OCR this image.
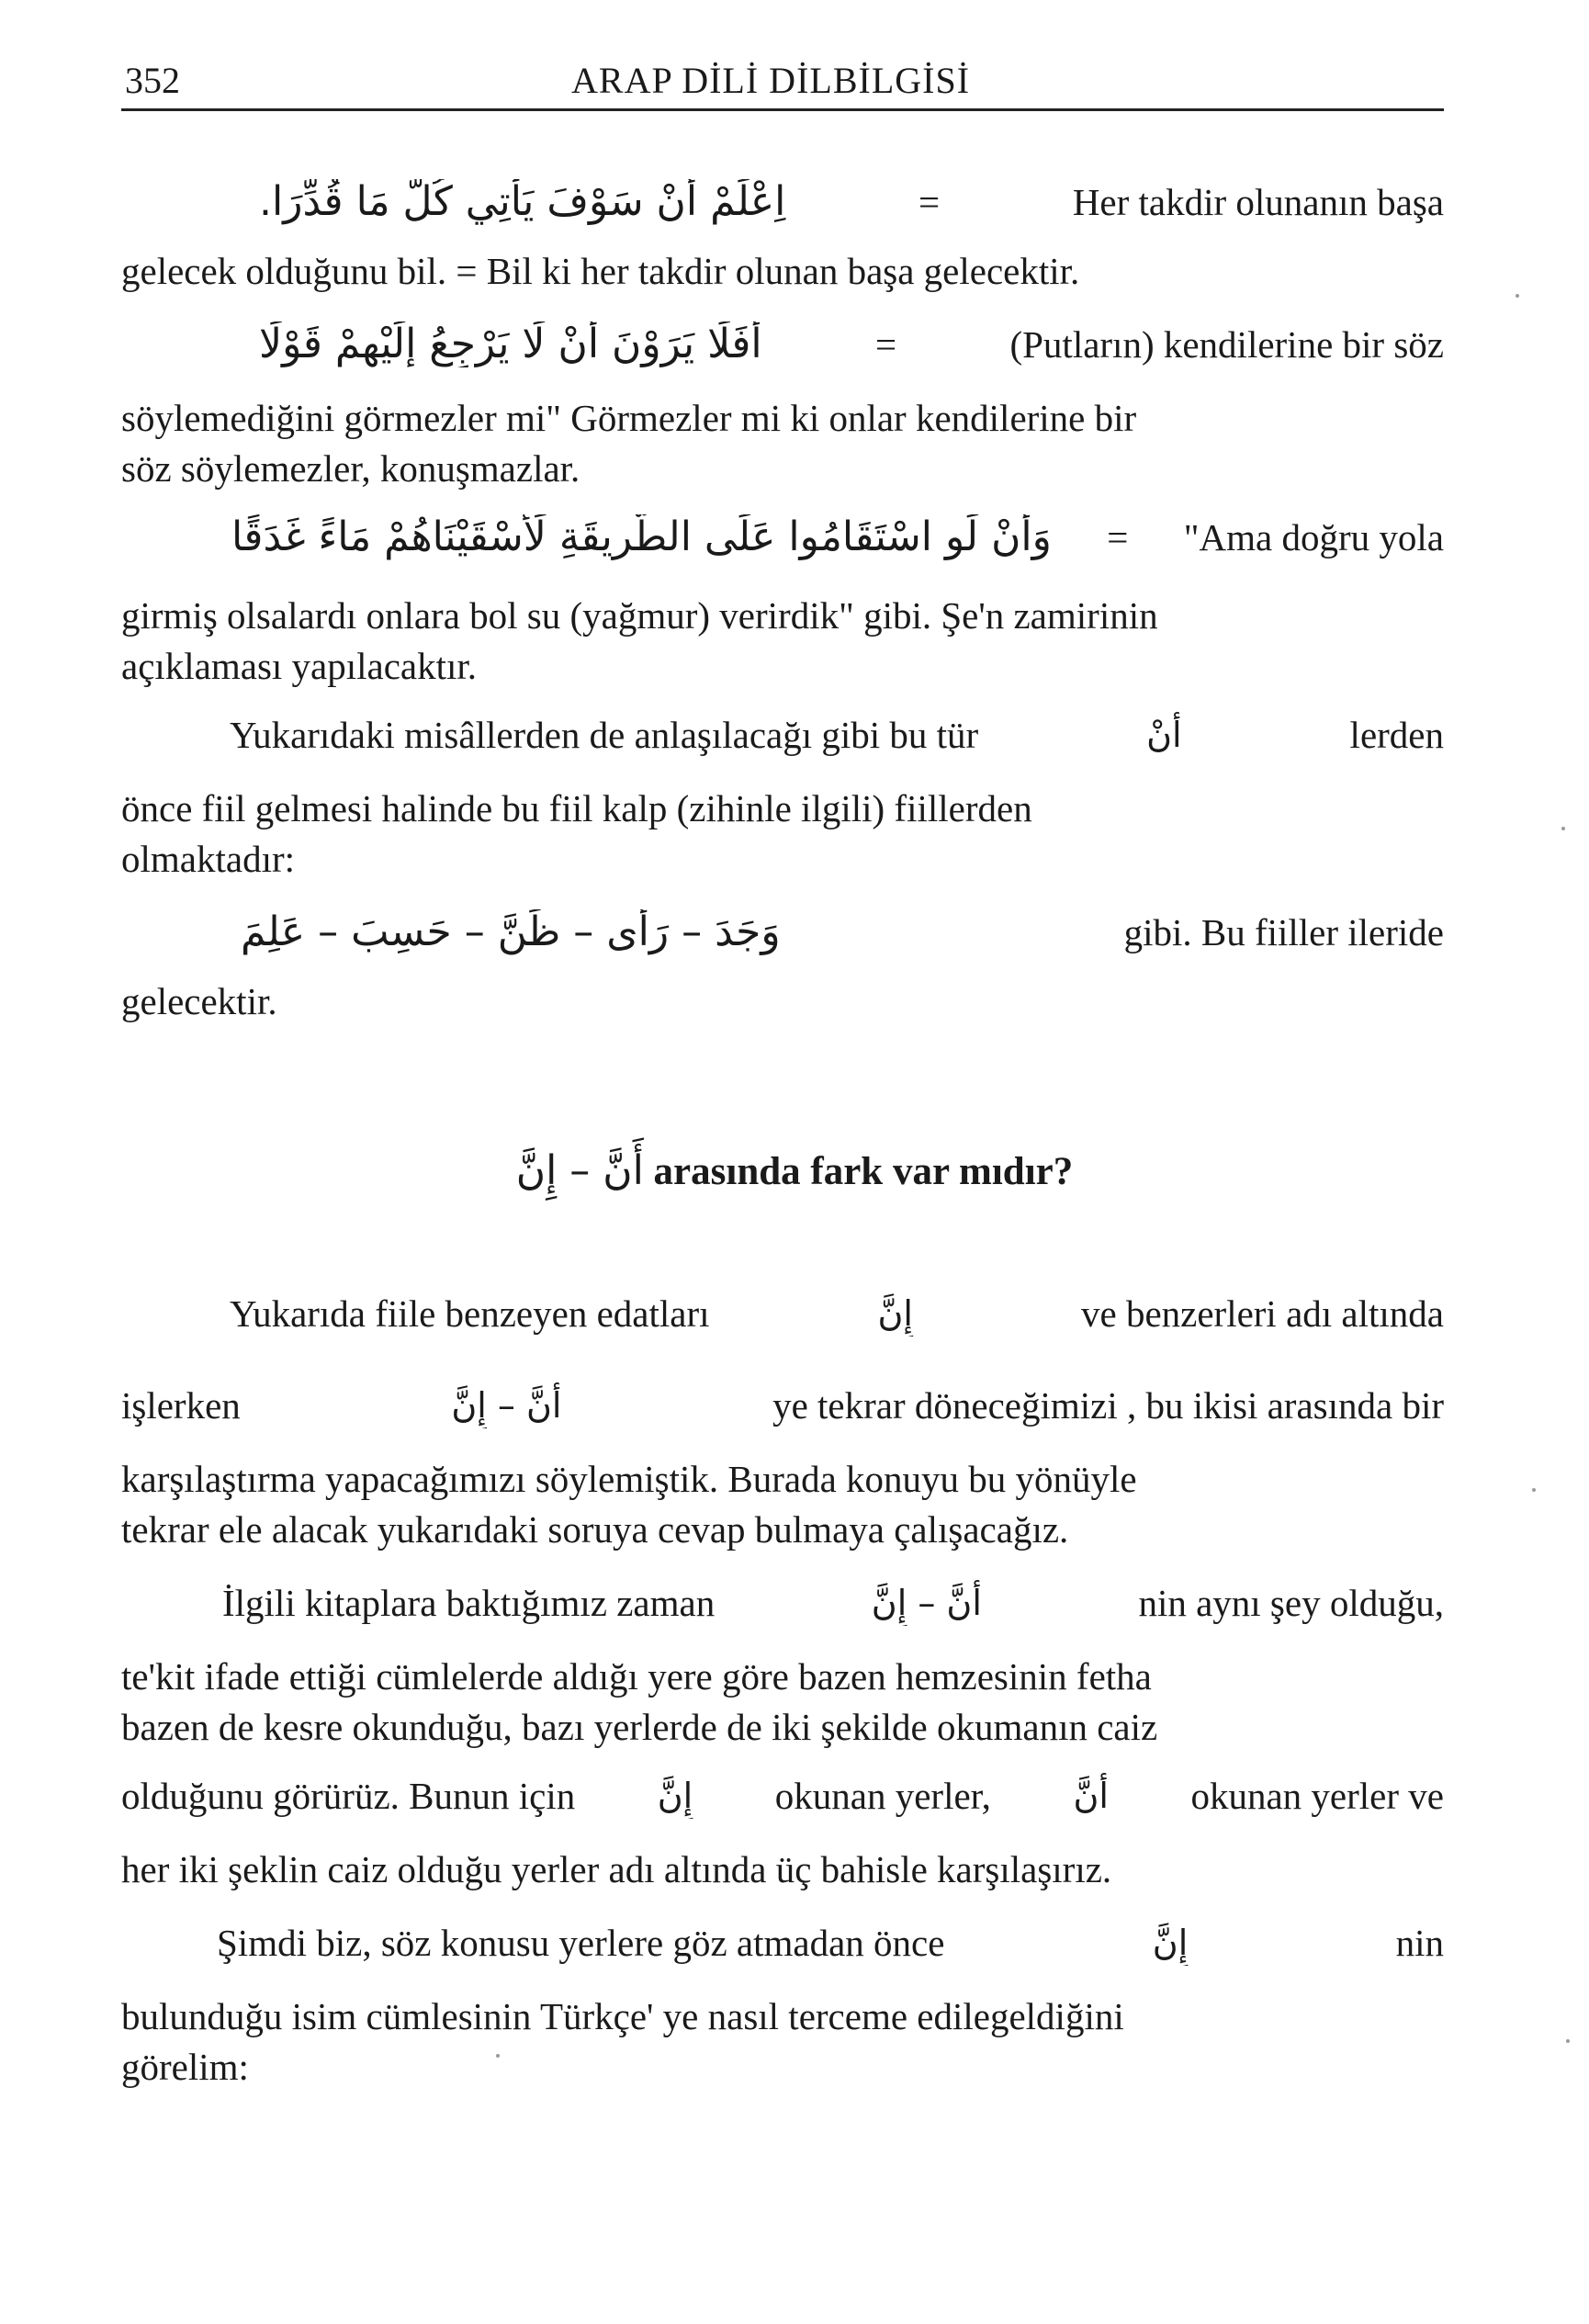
352	ARAP DİLİ DİLBİLGİSİ
اِعْلَمْ أَنْ سَوْفَ يَأْتِي كُلُّ مَا قُدِّرَا.	=	Her takdir olunanın başa
gelecek olduğunu bil. = Bil ki her takdir olunan başa gelecektir.
أَفَلَا يَرَوْنَ أَنْ لَا يَرْجِعُ إِلَيْهِمْ قَوْلًا	=	(Putların) kendilerine bir söz
söylemediğini görmezler mi" Görmezler mi ki onlar kendilerine bir
söz söylemezler, konuşmazlar.
وَأَنْ لَوِ اسْتَقَامُوا عَلَى الطَّرِيقَةِ لَأَسْقَيْنَاهُمْ مَاءً غَدَقًا = "Ama doğru yola
girmiş olsalardı onlara bol su (yağmur) verirdik" gibi. Şe'n zamirinin
açıklaması yapılacaktır.
Yukarıdaki misâllerden de anlaşılacağı gibi bu tür	أَنْ	lerden
önce fiil gelmesi halinde bu fiil kalp (zihinle ilgili) fiillerden
olmaktadır:
وَجَدَ – رَأَى – ظَنَّ – حَسِبَ – عَلِمَ	gibi. Bu fiiller ileride
gelecektir.
أَنَّ – إِنَّ arasında fark var mıdır?
Yukarıda fiile benzeyen edatları	إِنَّ	ve benzerleri adı altında
işlerken	أَنَّ – إِنَّ	ye tekrar döneceğimizi , bu ikisi arasında bir
karşılaştırma yapacağımızı söylemiştik. Burada konuyu bu yönüyle
tekrar ele alacak yukarıdaki soruya cevap bulmaya çalışacağız.
İlgili kitaplara baktığımız zaman	أَنَّ – إِنَّ	nin aynı şey olduğu,
te'kit ifade ettiği cümlelerde aldığı yere göre bazen hemzesinin fetha
bazen de kesre okunduğu, bazı yerlerde de iki şekilde okumanın caiz
olduğunu görürüz. Bunun için إِنَّ okunan yerler, أَنَّ okunan yerler ve
her iki şeklin caiz olduğu yerler adı altında üç bahisle karşılaşırız.
Şimdi biz, söz konusu yerlere göz atmadan önce	إِنَّ	nin
bulunduğu isim cümlesinin Türkçe' ye nasıl terceme edilegeldiğini
görelim:
